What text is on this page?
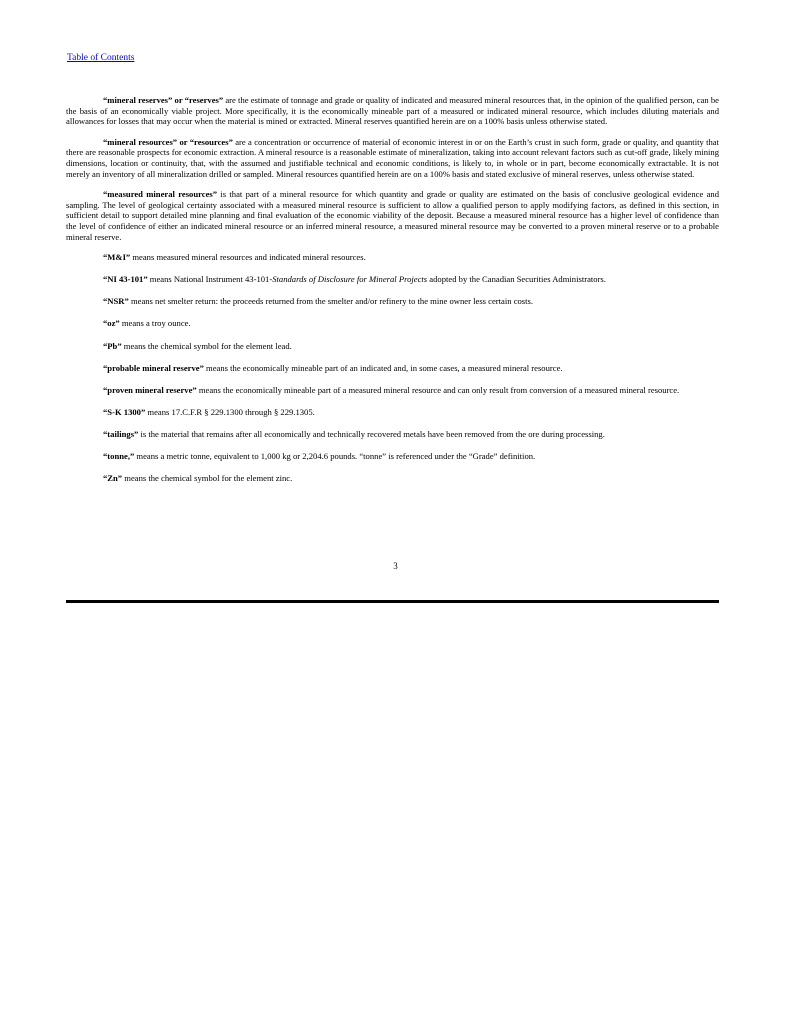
Table of Contents

“mineral reserves” or “reserves” are the estimate of tonnage and grade or quality of indicated and measured mineral resources that, in the opinion of the qualified person, can be the basis of an economically viable project. More specifically, it is the economically mineable part of a measured or indicated mineral resource, which includes diluting materials and allowances for losses that may occur when the material is mined or extracted. Mineral reserves quantified herein are on a 100% basis unless otherwise stated.

“mineral resources” or “resources” are a concentration or occurrence of material of economic interest in or on the Earth’s crust in such form, grade or quality, and quantity that there are reasonable prospects for economic extraction. A mineral resource is a reasonable estimate of mineralization, taking into account relevant factors such as cut-off grade, likely mining dimensions, location or continuity, that, with the assumed and justifiable technical and economic conditions, is likely to, in whole or in part, become economically extractable. It is not merely an inventory of all mineralization drilled or sampled. Mineral resources quantified herein are on a 100% basis and stated exclusive of mineral reserves, unless otherwise stated.

“measured mineral resources” is that part of a mineral resource for which quantity and grade or quality are estimated on the basis of conclusive geological evidence and sampling. The level of geological certainty associated with a measured mineral resource is sufficient to allow a qualified person to apply modifying factors, as defined in this section, in sufficient detail to support detailed mine planning and final evaluation of the economic viability of the deposit. Because a measured mineral resource has a higher level of confidence than the level of confidence of either an indicated mineral resource or an inferred mineral resource, a measured mineral resource may be converted to a proven mineral reserve or to a probable mineral reserve.

“M&I” means measured mineral resources and indicated mineral resources.

“NI 43-101” means National Instrument 43-101-Standards of Disclosure for Mineral Projects adopted by the Canadian Securities Administrators.

“NSR” means net smelter return: the proceeds returned from the smelter and/or refinery to the mine owner less certain costs.

“oz” means a troy ounce.

“Pb” means the chemical symbol for the element lead.

“probable mineral reserve” means the economically mineable part of an indicated and, in some cases, a measured mineral resource.

“proven mineral reserve” means the economically mineable part of a measured mineral resource and can only result from conversion of a measured mineral resource.

“S-K 1300” means 17.C.F.R § 229.1300 through § 229.1305.

“tailings” is the material that remains after all economically and technically recovered metals have been removed from the ore during processing.

“tonne,” means a metric tonne, equivalent to 1,000 kg or 2,204.6 pounds. “tonne” is referenced under the “Grade” definition.

“Zn” means the chemical symbol for the element zinc.

3
